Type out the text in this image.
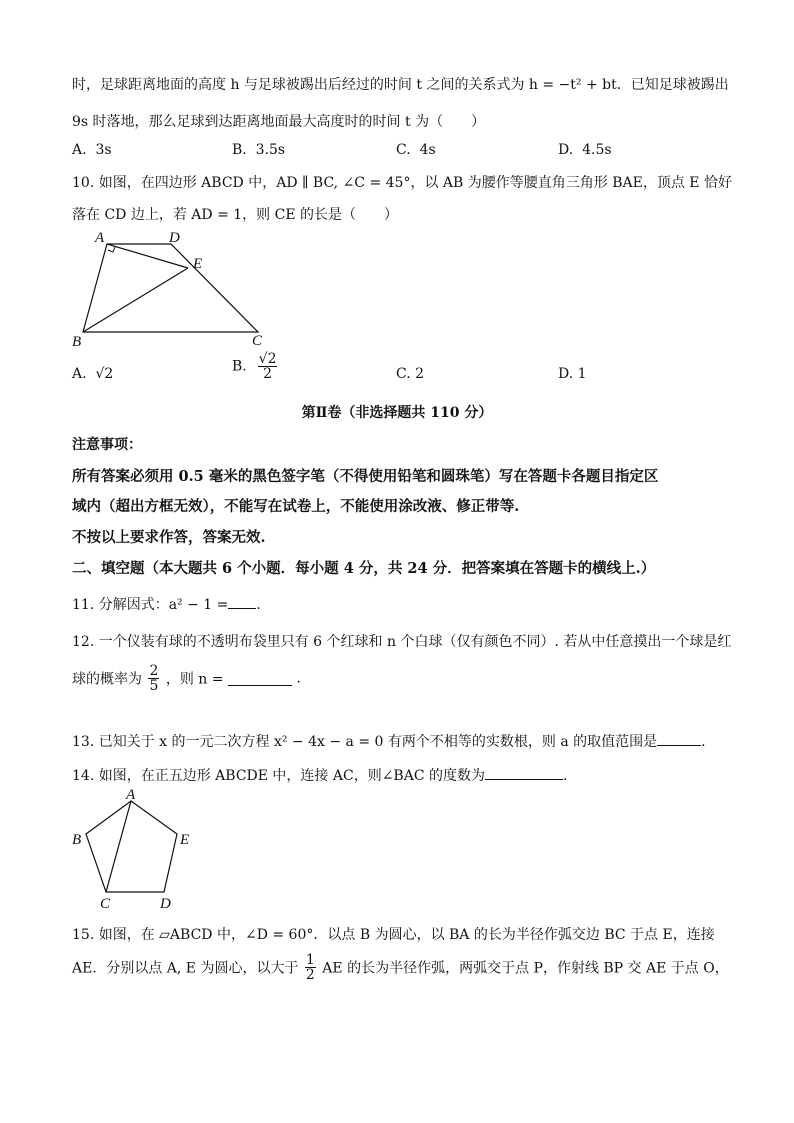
时，足球距离地面的高度 h 与足球被踢出后经过的时间 t 之间的关系式为 h = −t² + bt．已知足球被踢出
9s 时落地，那么足球到达距离地面最大高度时的时间 t 为（　　）
A. 3s	B. 3.5s	C. 4s	D. 4.5s
10. 如图，在四边形 ABCD 中，AD ∥ BC, ∠C = 45°，以 AB 为腰作等腰直角三角形 BAE，顶点 E 恰好
落在 CD 边上，若 AD = 1，则 CE 的长是（　　）
A	D
E
B	C
A. √2	B. $\frac{√2}{2}$	C. 2	D. 1
第Ⅱ卷（非选择题共 110 分）
注意事项：
所有答案必须用 0.5 毫米的黑色签字笔（不得使用铅笔和圆珠笔）写在答题卡各题目指定区
域内（超出方框无效），不能写在试卷上，不能使用涂改液、修正带等.
不按以上要求作答，答案无效.
二、填空题（本大题共 6 个小题．每小题 4 分，共 24 分．把答案填在答题卡的横线上.）
11. 分解因式：a² − 1 = .
12. 一个仪装有球的不透明布袋里只有 6 个红球和 n 个白球（仅有颜色不同）. 若从中任意摸出一个球是红
球的概率为 $\frac{2}{5}$ ，则 n =	.
13. 已知关于 x 的一元二次方程 x² − 4x − a = 0 有两个不相等的实数根，则 a 的取值范围是	.
14. 如图，在正五边形 ABCDE 中，连接 AC，则∠BAC 的度数为	.
A
B	E
C	D
15. 如图，在 ▱ABCD 中，∠D = 60°．以点 B 为圆心，以 BA 的长为半径作弧交边 BC 于点 E，连接
AE．分别以点 A, E 为圆心，以大于 $\frac{1}{2}$ AE 的长为半径作弧，两弧交于点 P，作射线 BP 交 AE 于点 O，
